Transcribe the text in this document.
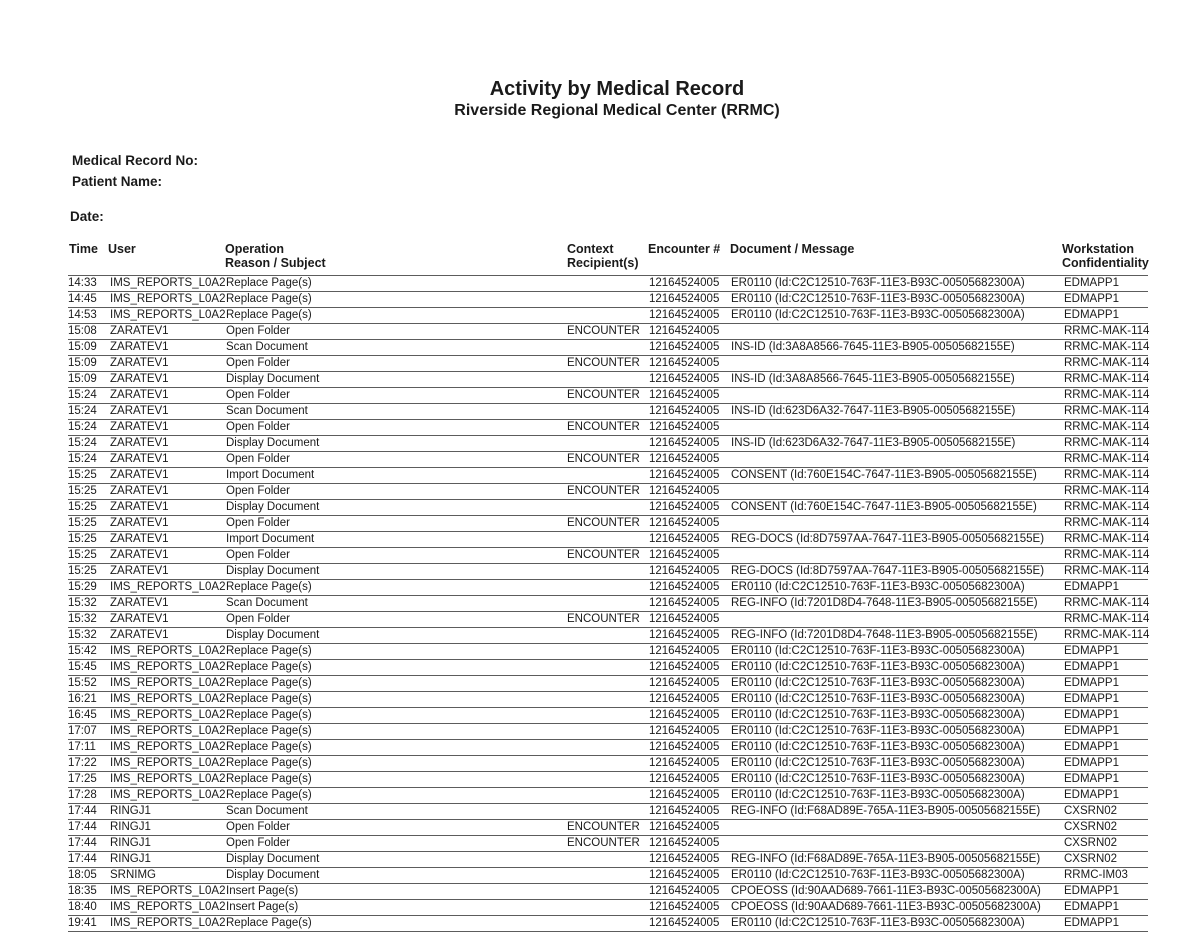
Activity by Medical Record
Riverside Regional Medical Center (RRMC)
Medical Record No:
Patient Name:
Date:
Time User	Operation
Reason / Subject
Context
Recipient(s)
Encounter # Document / Message	Workstation
Confidentiality
14:33 IMS_REPORTS_L0A2 Replace Page(s)	12164524005 ER0110 (Id:C2C12510-763F-11E3-B93C-00505682300A)	EDMAPP1
14:45 IMS_REPORTS_L0A2 Replace Page(s)	12164524005 ER0110 (Id:C2C12510-763F-11E3-B93C-00505682300A)	EDMAPP1
14:53 IMS_REPORTS_L0A2 Replace Page(s)	12164524005 ER0110 (Id:C2C12510-763F-11E3-B93C-00505682300A)	EDMAPP1
15:08 ZARATEV1	Open Folder	ENCOUNTER 12164524005	RRMC-MAK-114
15:09 ZARATEV1	Scan Document	12164524005 INS-ID (Id:3A8A8566-7645-11E3-B905-00505682155E)	RRMC-MAK-114
15:09 ZARATEV1	Open Folder	ENCOUNTER 12164524005	RRMC-MAK-114
15:09 ZARATEV1	Display Document	12164524005 INS-ID (Id:3A8A8566-7645-11E3-B905-00505682155E)	RRMC-MAK-114
15:24 ZARATEV1	Open Folder	ENCOUNTER 12164524005	RRMC-MAK-114
15:24 ZARATEV1	Scan Document	12164524005 INS-ID (Id:623D6A32-7647-11E3-B905-00505682155E)	RRMC-MAK-114
15:24 ZARATEV1	Open Folder	ENCOUNTER 12164524005	RRMC-MAK-114
15:24 ZARATEV1	Display Document	12164524005 INS-ID (Id:623D6A32-7647-11E3-B905-00505682155E)	RRMC-MAK-114
15:24 ZARATEV1	Open Folder	ENCOUNTER 12164524005	RRMC-MAK-114
15:25 ZARATEV1	Import Document	12164524005 CONSENT (Id:760E154C-7647-11E3-B905-00505682155E) RRMC-MAK-114
15:25 ZARATEV1	Open Folder	ENCOUNTER 12164524005	RRMC-MAK-114
15:25 ZARATEV1	Display Document	12164524005 CONSENT (Id:760E154C-7647-11E3-B905-00505682155E) RRMC-MAK-114
15:25 ZARATEV1	Open Folder	ENCOUNTER 12164524005	RRMC-MAK-114
15:25 ZARATEV1	Import Document	12164524005 REG-DOCS (Id:8D7597AA-7647-11E3-B905-00505682155E) RRMC-MAK-114
15:25 ZARATEV1	Open Folder	ENCOUNTER 12164524005	RRMC-MAK-114
15:25 ZARATEV1	Display Document	12164524005 REG-DOCS (Id:8D7597AA-7647-11E3-B905-00505682155E) RRMC-MAK-114
15:29 IMS_REPORTS_L0A2 Replace Page(s)	12164524005 ER0110 (Id:C2C12510-763F-11E3-B93C-00505682300A)	EDMAPP1
15:32 ZARATEV1	Scan Document	12164524005 REG-INFO (Id:7201D8D4-7648-11E3-B905-00505682155E) RRMC-MAK-114
15:32 ZARATEV1	Open Folder	ENCOUNTER 12164524005	RRMC-MAK-114
15:32 ZARATEV1	Display Document	12164524005 REG-INFO (Id:7201D8D4-7648-11E3-B905-00505682155E) RRMC-MAK-114
15:42 IMS_REPORTS_L0A2 Replace Page(s)	12164524005 ER0110 (Id:C2C12510-763F-11E3-B93C-00505682300A)	EDMAPP1
15:45 IMS_REPORTS_L0A2 Replace Page(s)	12164524005 ER0110 (Id:C2C12510-763F-11E3-B93C-00505682300A)	EDMAPP1
15:52 IMS_REPORTS_L0A2 Replace Page(s)	12164524005 ER0110 (Id:C2C12510-763F-11E3-B93C-00505682300A)	EDMAPP1
16:21 IMS_REPORTS_L0A2 Replace Page(s)	12164524005 ER0110 (Id:C2C12510-763F-11E3-B93C-00505682300A)	EDMAPP1
16:45 IMS_REPORTS_L0A2 Replace Page(s)	12164524005 ER0110 (Id:C2C12510-763F-11E3-B93C-00505682300A)	EDMAPP1
17:07 IMS_REPORTS_L0A2 Replace Page(s)	12164524005 ER0110 (Id:C2C12510-763F-11E3-B93C-00505682300A)	EDMAPP1
17:11 IMS_REPORTS_L0A2 Replace Page(s)	12164524005 ER0110 (Id:C2C12510-763F-11E3-B93C-00505682300A)	EDMAPP1
17:22 IMS_REPORTS_L0A2 Replace Page(s)	12164524005 ER0110 (Id:C2C12510-763F-11E3-B93C-00505682300A)	EDMAPP1
17:25 IMS_REPORTS_L0A2 Replace Page(s)	12164524005 ER0110 (Id:C2C12510-763F-11E3-B93C-00505682300A)	EDMAPP1
17:28 IMS_REPORTS_L0A2 Replace Page(s)	12164524005 ER0110 (Id:C2C12510-763F-11E3-B93C-00505682300A)	EDMAPP1
17:44 RINGJ1	Scan Document	12164524005 REG-INFO (Id:F68AD89E-765A-11E3-B905-00505682155E) CXSRN02
17:44 RINGJ1	Open Folder	ENCOUNTER 12164524005	CXSRN02
17:44 RINGJ1	Open Folder	ENCOUNTER 12164524005	CXSRN02
17:44 RINGJ1	Display Document	12164524005 REG-INFO (Id:F68AD89E-765A-11E3-B905-00505682155E) CXSRN02
18:05 SRNIMG	Display Document	12164524005 ER0110 (Id:C2C12510-763F-11E3-B93C-00505682300A)	RRMC-IM03
18:35 IMS_REPORTS_L0A2 Insert Page(s)	12164524005 CPOEOSS (Id:90AAD689-7661-11E3-B93C-00505682300A) EDMAPP1
18:40 IMS_REPORTS_L0A2 Insert Page(s)	12164524005 CPOEOSS (Id:90AAD689-7661-11E3-B93C-00505682300A) EDMAPP1
19:41 IMS_REPORTS_L0A2 Replace Page(s)	12164524005 ER0110 (Id:C2C12510-763F-11E3-B93C-00505682300A)	EDMAPP1
